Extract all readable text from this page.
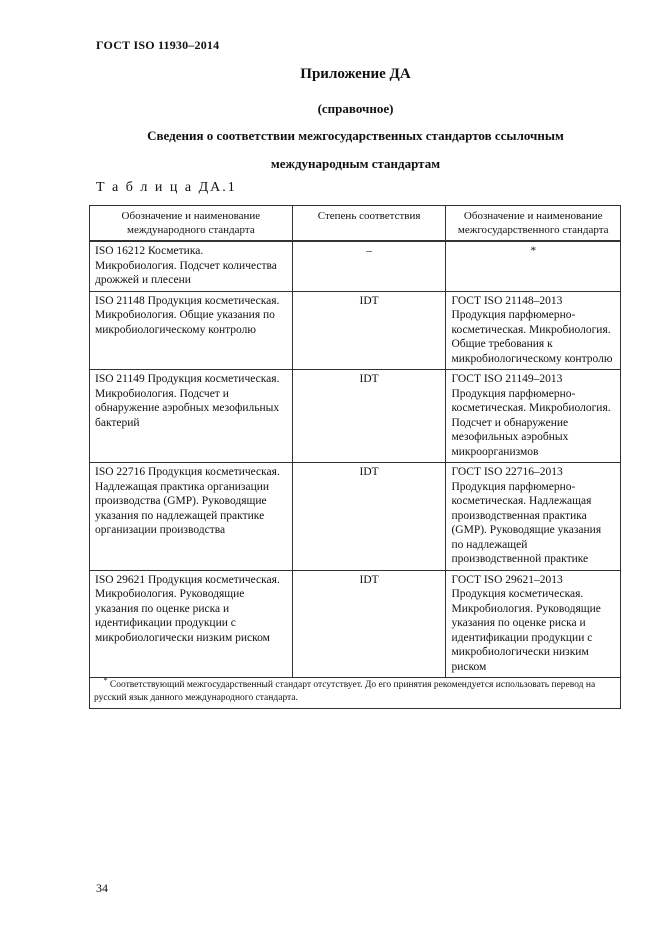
ГОСТ ISO 11930–2014
Приложение ДА
(справочное)
Сведения о соответствии межгосударственных стандартов ссылочным
международным стандартам
Т а б л и ц а ДА.1
Обозначение и наименование международного стандарта	Степень соответствия	Обозначение и наименование межгосударственного стандарта
ISO 16212 Косметика. Микробиология. Подсчет количества дрожжей и плесени	–	*
ISO 21148 Продукция косметическая. Микробиология. Общие указания по микробиологическому контролю	IDT	ГОСТ ISO 21148–2013 Продукция парфюмерно-косметическая. Микробиология. Общие требования к микробиологическому контролю
ISO 21149 Продукция косметическая. Микробиология. Подсчет и обнаружение аэробных мезофильных бактерий	IDT	ГОСТ ISO 21149–2013 Продукция парфюмерно-косметическая. Микробиология. Подсчет и обнаружение мезофильных аэробных микроорганизмов
ISO 22716 Продукция косметическая. Надлежащая практика организации производства (GMP). Руководящие указания по надлежащей практике организации производства	IDT	ГОСТ ISO 22716–2013 Продукция парфюмерно-косметическая. Надлежащая производственная практика (GMP). Руководящие указания по надлежащей производственной практике
ISO 29621 Продукция косметическая. Микробиология. Руководящие указания по оценке риска и идентификации продукции с микробиологически низким риском	IDT	ГОСТ ISO 29621–2013 Продукция косметическая. Микробиология. Руководящие указания по оценке риска и идентификации продукции с микробиологически низким риском
* Соответствующий межгосударственный стандарт отсутствует. До его принятия рекомендуется использовать перевод на русский язык данного международного стандарта.		
34
